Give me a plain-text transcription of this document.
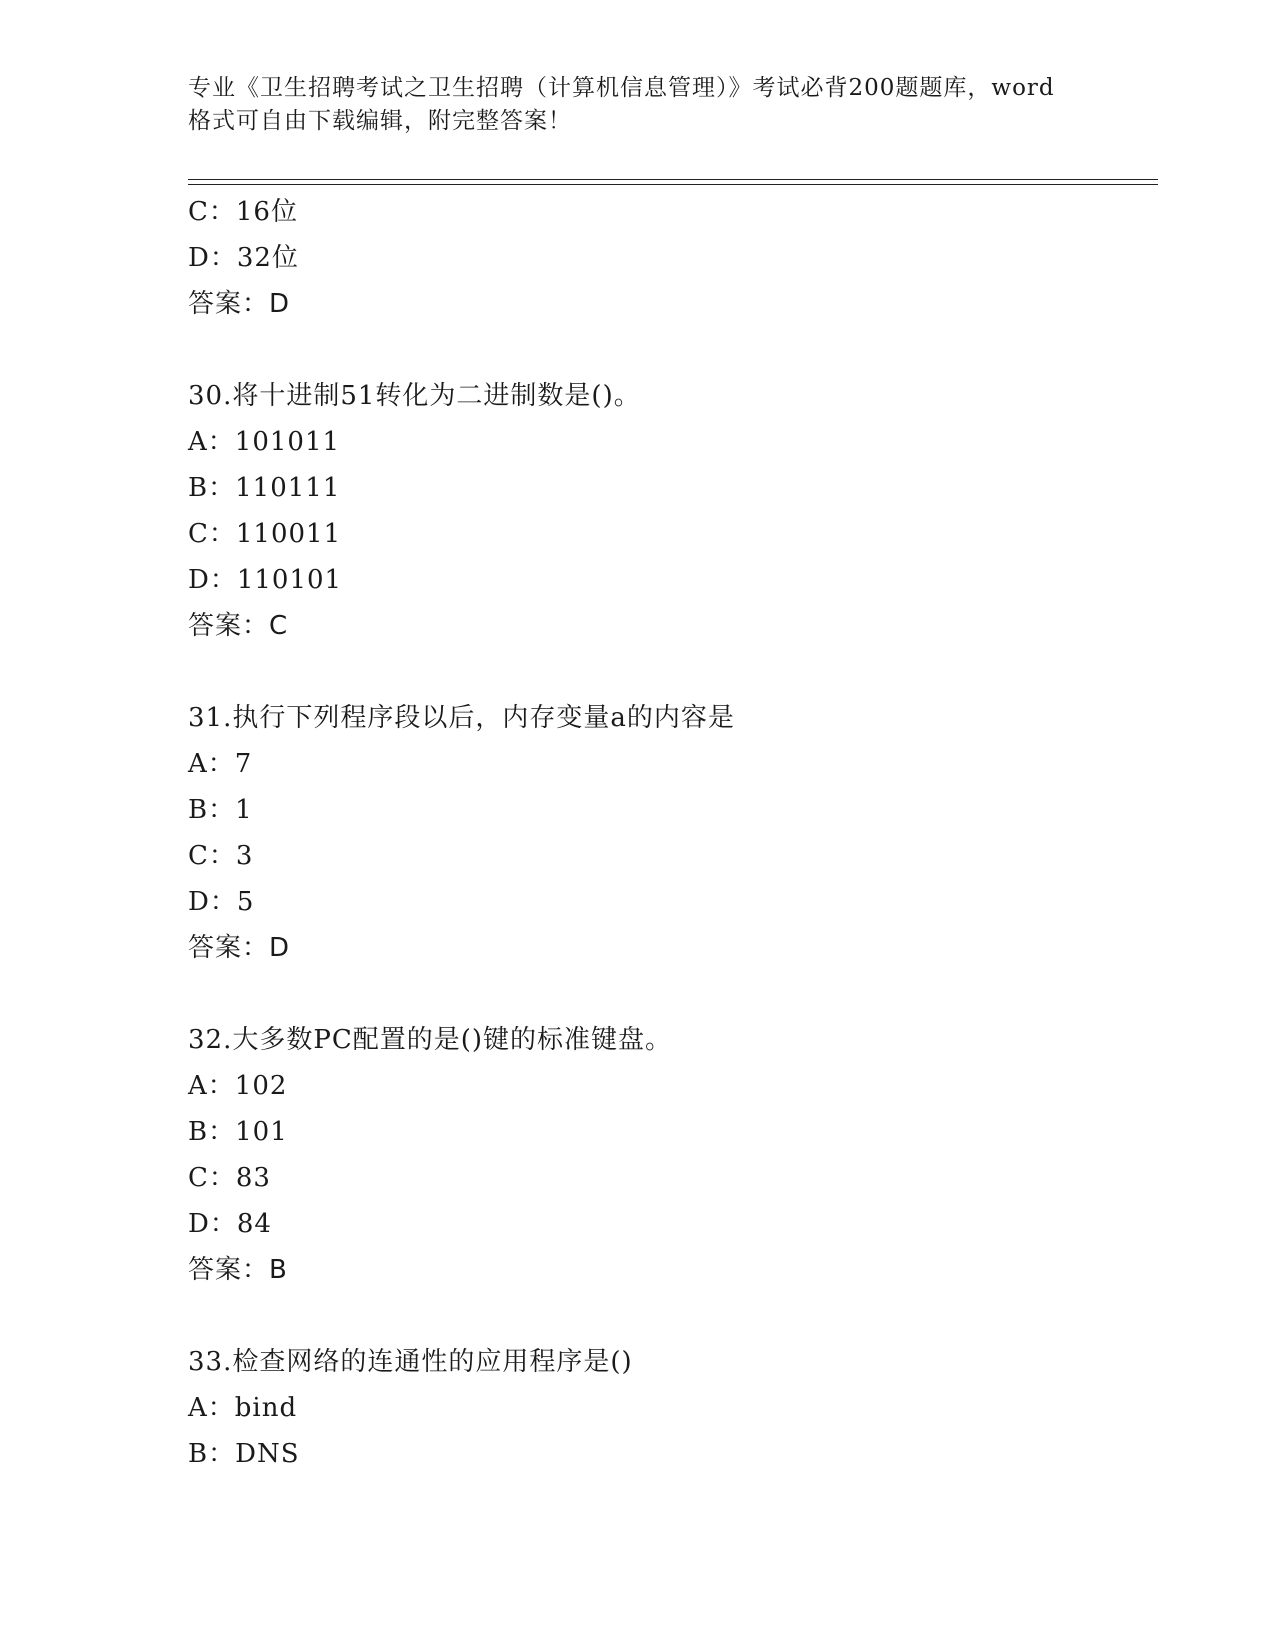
专业《卫生招聘考试之卫生招聘（计算机信息管理）》考试必背200题题库，word
格式可自由下载编辑，附完整答案！
C：16位
D：32位
答案：D
30.将十进制51转化为二进制数是()。
A：101011
B：110111
C：110011
D：110101
答案：C
31.执行下列程序段以后，内存变量a的内容是
A：7
B：1
C：3
D：5
答案：D
32.大多数PC配置的是()键的标准键盘。
A：102
B：101
C：83
D：84
答案：B
33.检查网络的连通性的应用程序是()
A：bind
B：DNS
